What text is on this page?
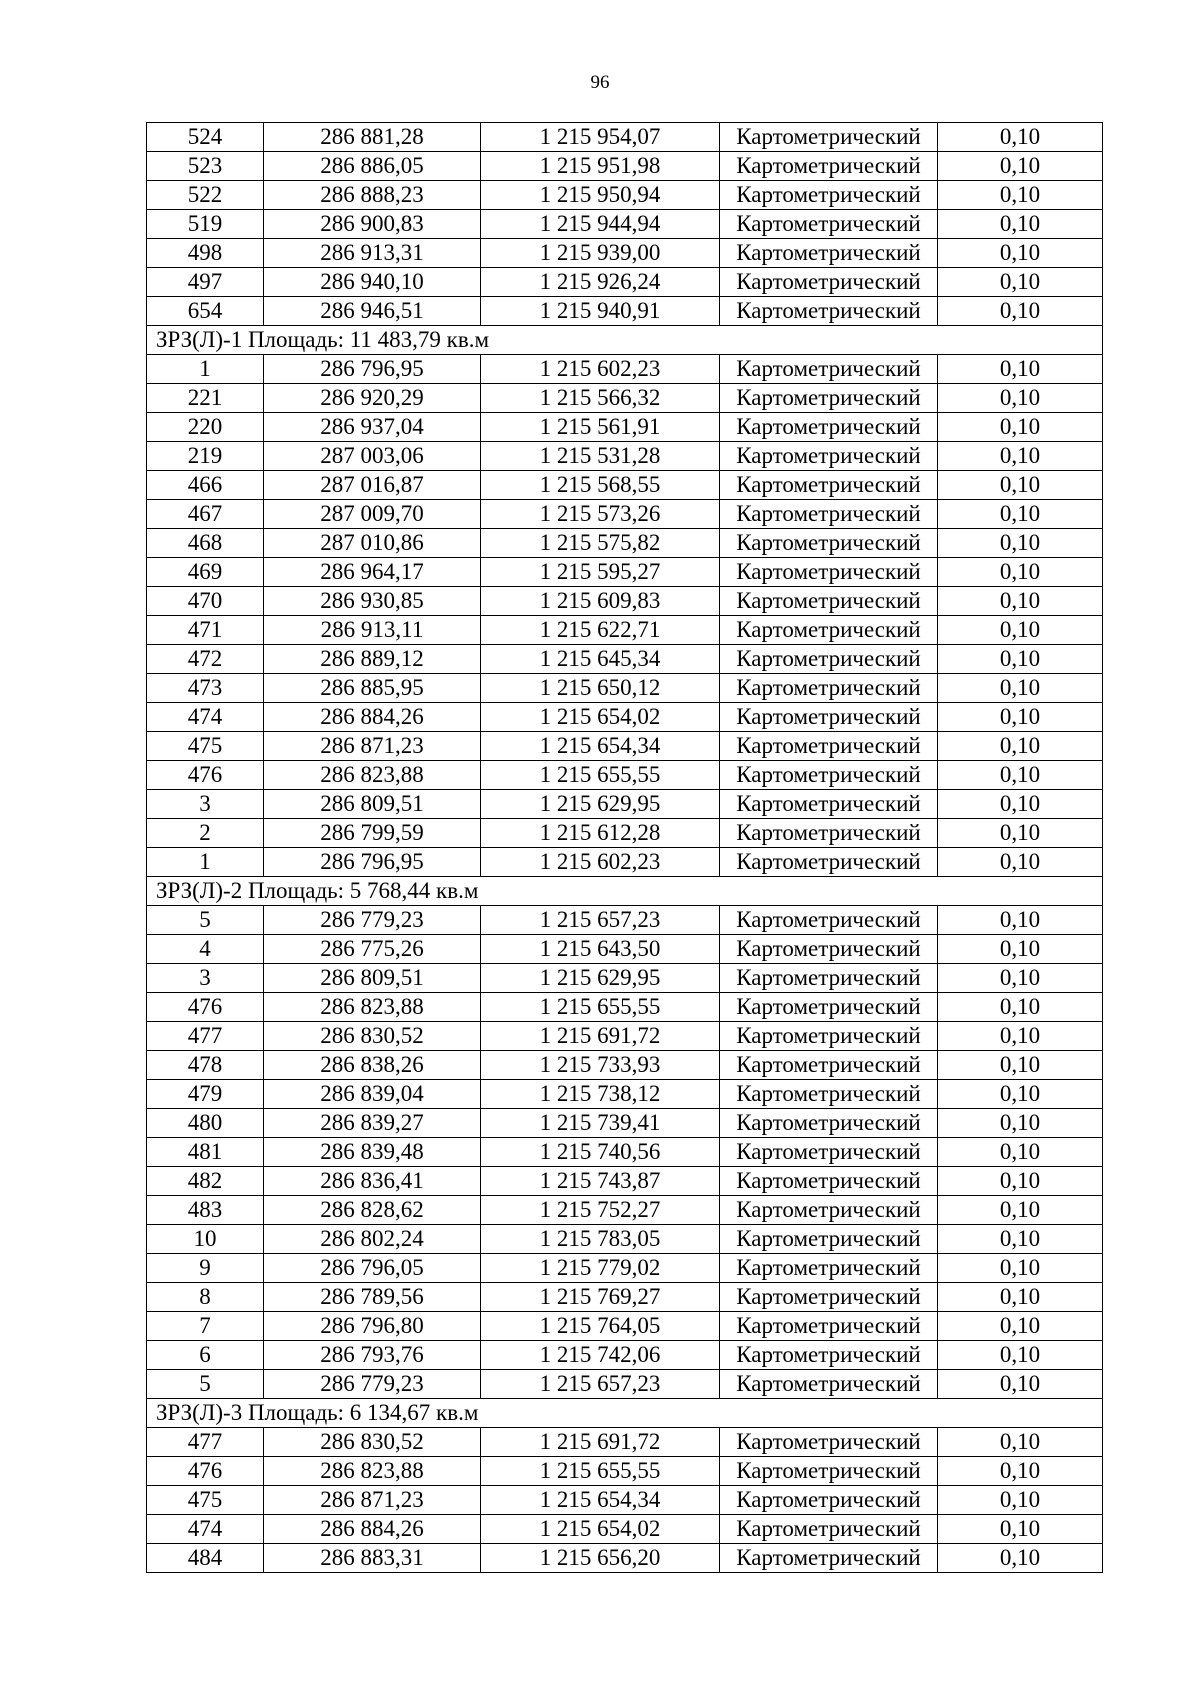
96
524	286 881,28	1 215 954,07	Картометрический	0,10
523	286 886,05	1 215 951,98	Картометрический	0,10
522	286 888,23	1 215 950,94	Картометрический	0,10
519	286 900,83	1 215 944,94	Картометрический	0,10
498	286 913,31	1 215 939,00	Картометрический	0,10
497	286 940,10	1 215 926,24	Картометрический	0,10
654	286 946,51	1 215 940,91	Картометрический	0,10
ЗРЗ(Л)-1 Площадь: 11 483,79 кв.м				
1	286 796,95	1 215 602,23	Картометрический	0,10
221	286 920,29	1 215 566,32	Картометрический	0,10
220	286 937,04	1 215 561,91	Картометрический	0,10
219	287 003,06	1 215 531,28	Картометрический	0,10
466	287 016,87	1 215 568,55	Картометрический	0,10
467	287 009,70	1 215 573,26	Картометрический	0,10
468	287 010,86	1 215 575,82	Картометрический	0,10
469	286 964,17	1 215 595,27	Картометрический	0,10
470	286 930,85	1 215 609,83	Картометрический	0,10
471	286 913,11	1 215 622,71	Картометрический	0,10
472	286 889,12	1 215 645,34	Картометрический	0,10
473	286 885,95	1 215 650,12	Картометрический	0,10
474	286 884,26	1 215 654,02	Картометрический	0,10
475	286 871,23	1 215 654,34	Картометрический	0,10
476	286 823,88	1 215 655,55	Картометрический	0,10
3	286 809,51	1 215 629,95	Картометрический	0,10
2	286 799,59	1 215 612,28	Картометрический	0,10
1	286 796,95	1 215 602,23	Картометрический	0,10
ЗРЗ(Л)-2 Площадь: 5 768,44 кв.м				
5	286 779,23	1 215 657,23	Картометрический	0,10
4	286 775,26	1 215 643,50	Картометрический	0,10
3	286 809,51	1 215 629,95	Картометрический	0,10
476	286 823,88	1 215 655,55	Картометрический	0,10
477	286 830,52	1 215 691,72	Картометрический	0,10
478	286 838,26	1 215 733,93	Картометрический	0,10
479	286 839,04	1 215 738,12	Картометрический	0,10
480	286 839,27	1 215 739,41	Картометрический	0,10
481	286 839,48	1 215 740,56	Картометрический	0,10
482	286 836,41	1 215 743,87	Картометрический	0,10
483	286 828,62	1 215 752,27	Картометрический	0,10
10	286 802,24	1 215 783,05	Картометрический	0,10
9	286 796,05	1 215 779,02	Картометрический	0,10
8	286 789,56	1 215 769,27	Картометрический	0,10
7	286 796,80	1 215 764,05	Картометрический	0,10
6	286 793,76	1 215 742,06	Картометрический	0,10
5	286 779,23	1 215 657,23	Картометрический	0,10
ЗРЗ(Л)-3 Площадь: 6 134,67 кв.м				
477	286 830,52	1 215 691,72	Картометрический	0,10
476	286 823,88	1 215 655,55	Картометрический	0,10
475	286 871,23	1 215 654,34	Картометрический	0,10
474	286 884,26	1 215 654,02	Картометрический	0,10
484	286 883,31	1 215 656,20	Картометрический	0,10
